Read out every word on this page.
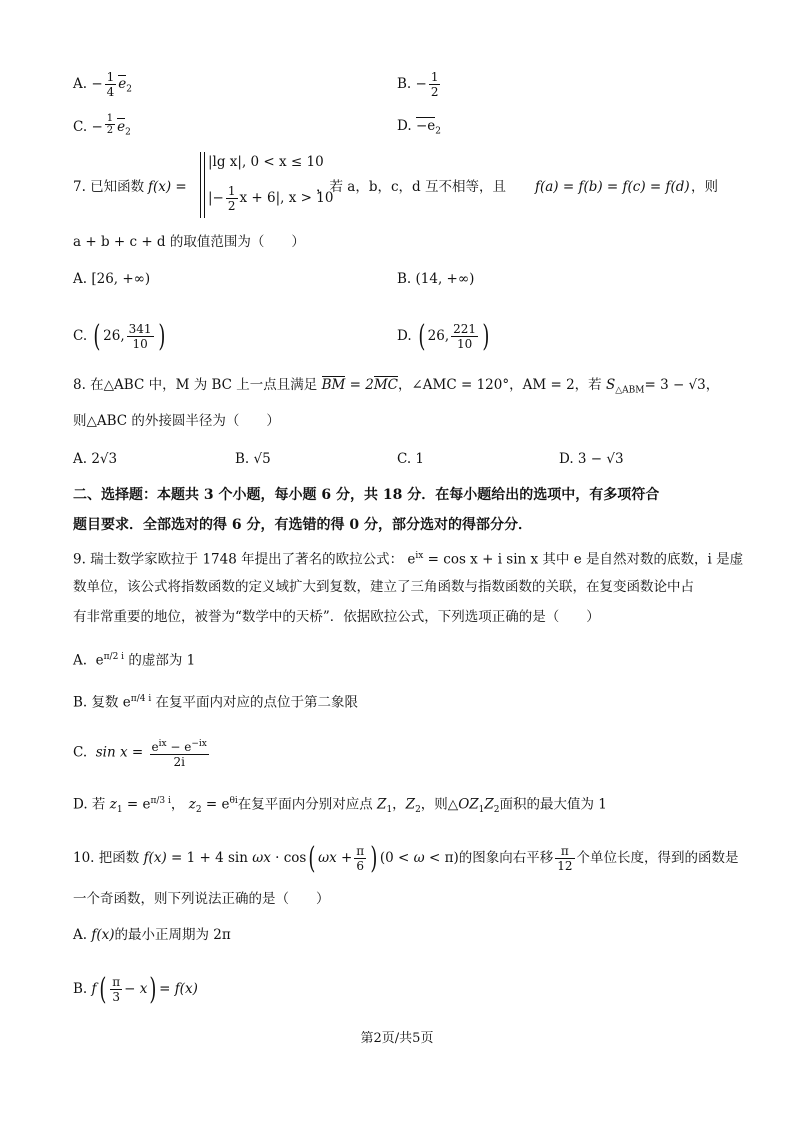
A. − $\frac{1}{4} e_2$	B. − $\frac{1}{2}$
C. − $\frac{1}{2} e_2$	D. $-e_2$
7. 已知函数 f(x) =
|lg x|, 0 < x ≤ 10
|− $\frac{1}{2}$ x + 6|, x > 10
，若 a，b，c，d 互不相等，且 f(a) = f(b) = f(c) = f(d) ，则
a + b + c + d 的取值范围为（　　）
A. [26, +∞)	B. (14, +∞)
C. ( 26, $\frac{341}{10}$ )	D. ( 26, $\frac{221}{10}$ )
8. 在△ABC 中，M 为 BC 上一点且满足 BM = 2MC，∠AMC = 120°，AM = 2，若 $S_{\triangle ABM}= 3 - √3$，
则△ABC 的外接圆半径为（　　）
A. 2√3	B. √5	C. 1	D. 3 − √3
二、选择题：本题共 3 个小题，每小题 6 分，共 18 分．在每小题给出的选项中，有多项符合
题目要求．全部选对的得 6 分，有选错的得 0 分，部分选对的得部分分．
9. 瑞士数学家欧拉于 1748 年提出了著名的欧拉公式： $e^{ix} = \cos x + i$ sin x 其中 e 是自然对数的底数，i 是虚
数单位，该公式将指数函数的定义域扩大到复数，建立了三角函数与指数函数的关联，在复变函数论中占
有非常重要的地位，被誉为“数学中的天桥”．依据欧拉公式，下列选项正确的是（　　）
A.  $e^{\pi/2 i}$ 的虚部为 1
B. 复数 $e^{\pi/4 i}$ 在复平面内对应的点位于第二象限
C.  $\sin x = \frac{e^{ix} - e^{-ix}}{2i}$
D. 若 $z_1 = e^{\pi/3 i}$， $z_2 = e^{\theta i}$在复平面内分别对应点 $Z_1$，$Z_2$，则$\triangle OZ_1Z_2$面积的最大值为 1
10. 把函数 f(x) = 1 + 4 sin ωx · cos( $\omega x + \frac{\pi}{6}$ ) (0 < ω < π)的图象向右平移 $\frac{\pi}{12}$ 个单位长度，得到的函数是
一个奇函数，则下列说法正确的是（　　）
A. f(x)的最小正周期为 2π
B. $f( \frac{\pi}{3} - x) = f(x)$
第2页/共5页
